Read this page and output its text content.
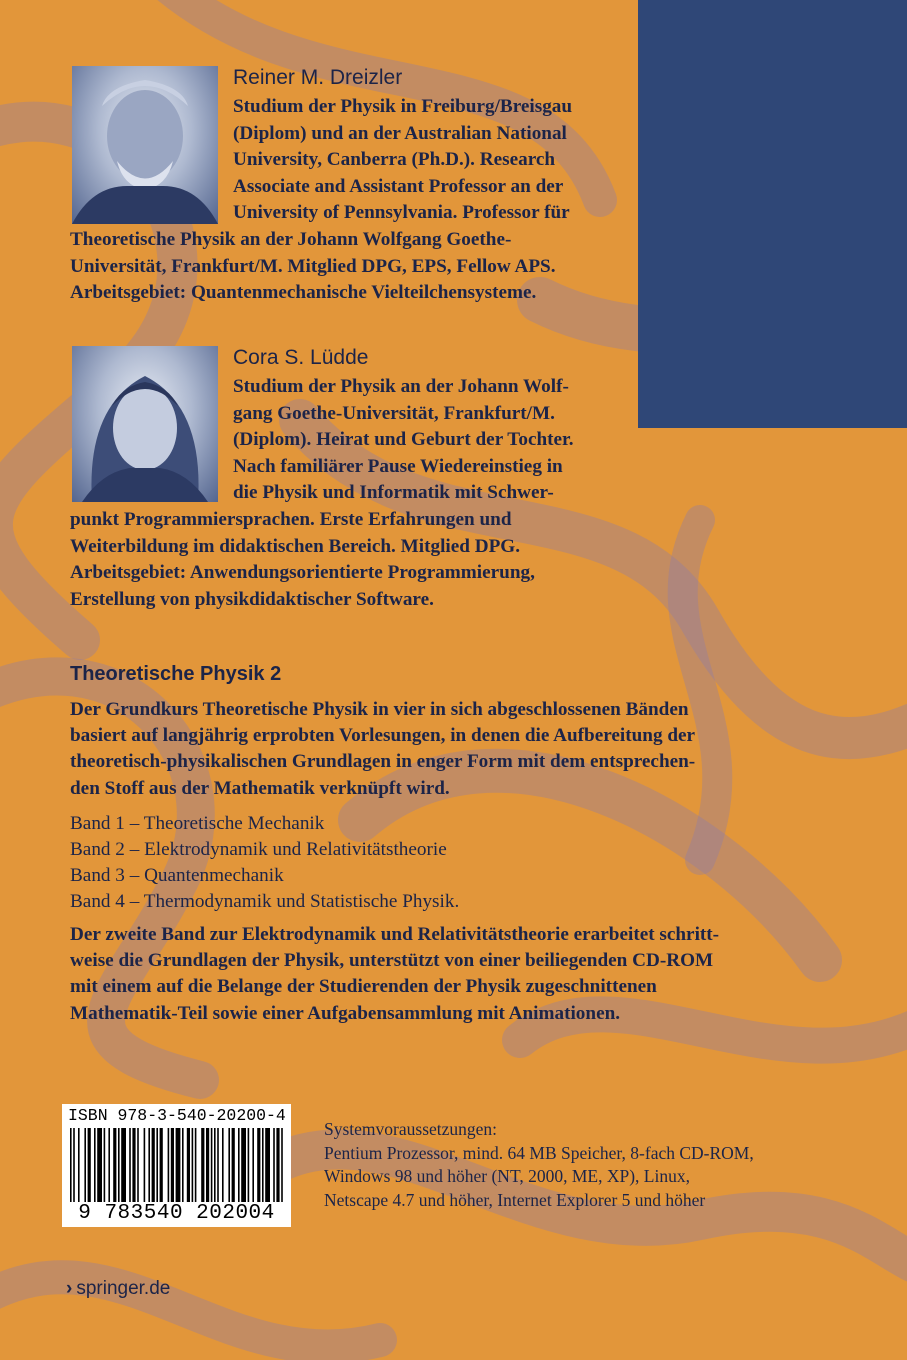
Reiner M. Dreizler
Studium der Physik in Freiburg/Breisgau
(Diplom) und an der Australian National
University, Canberra (Ph.D.). Research
Associate and Assistant Professor an der
University of Pennsylvania. Professor für
Theoretische Physik an der Johann Wolfgang Goethe-
Universität, Frankfurt/M. Mitglied DPG, EPS, Fellow APS.
Arbeitsgebiet: Quantenmechanische Vielteilchensysteme.
Cora S. Lüdde
Studium der Physik an der Johann Wolf-
gang Goethe-Universität, Frankfurt/M.
(Diplom). Heirat und Geburt der Tochter.
Nach familiärer Pause Wiedereinstieg in
die Physik und Informatik mit Schwer-
punkt Programmiersprachen. Erste Erfahrungen und
Weiterbildung im didaktischen Bereich. Mitglied DPG.
Arbeitsgebiet: Anwendungsorientierte Programmierung,
Erstellung von physikdidaktischer Software.
Theoretische Physik 2
Der Grundkurs Theoretische Physik in vier in sich abgeschlossenen Bänden
basiert auf langjährig erprobten Vorlesungen, in denen die Aufbereitung der
theoretisch-physikalischen Grundlagen in enger Form mit dem entsprechen-
den Stoff aus der Mathematik verknüpft wird.
Band 1 – Theoretische Mechanik
Band 2 – Elektrodynamik und Relativitätstheorie
Band 3 – Quantenmechanik
Band 4 – Thermodynamik und Statistische Physik.
Der zweite Band zur Elektrodynamik und Relativitätstheorie erarbeitet schritt-
weise die Grundlagen der Physik, unterstützt von einer beiliegenden CD-ROM
mit einem auf die Belange der Studierenden der Physik zugeschnittenen
Mathematik-Teil sowie einer Aufgabensammlung mit Animationen.
ISBN 978-3-540-20200-4
9 783540 202004
Systemvoraussetzungen:
Pentium Prozessor, mind. 64 MB Speicher, 8-fach CD-ROM,
Windows 98 und höher (NT, 2000, ME, XP), Linux,
Netscape 4.7 und höher, Internet Explorer 5 und höher
› springer.de
